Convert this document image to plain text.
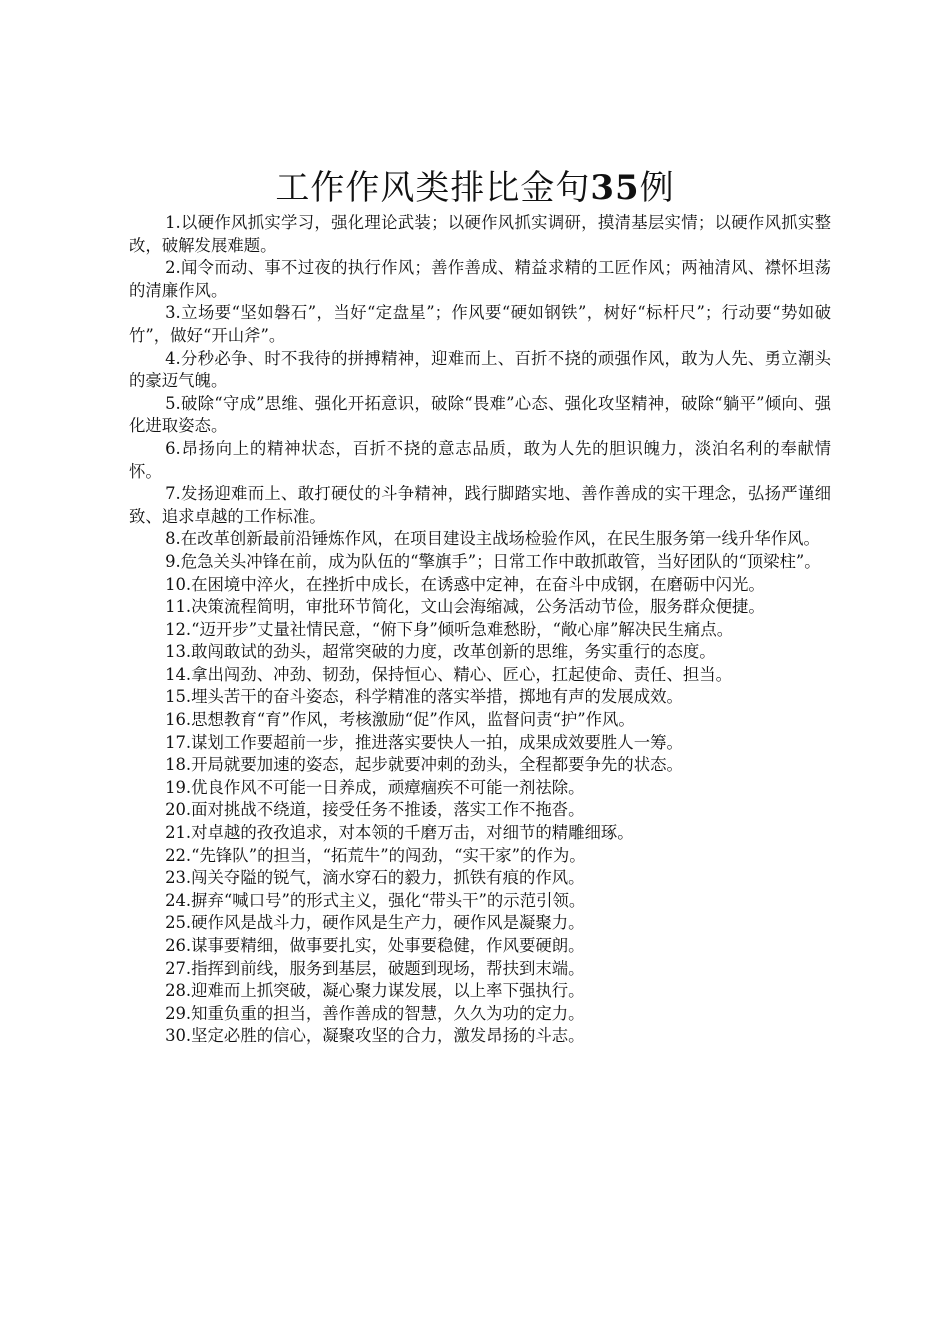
工作作风类排比金句35例

1.以硬作风抓实学习，强化理论武装；以硬作风抓实调研，摸清基层实情；以硬作风抓实整改，破解发展难题。

2.闻令而动、事不过夜的执行作风；善作善成、精益求精的工匠作风；两袖清风、襟怀坦荡的清廉作风。

3.立场要“坚如磐石”，当好“定盘星”；作风要“硬如钢铁”，树好“标杆尺”；行动要“势如破竹”，做好“开山斧”。

4.分秒必争、时不我待的拼搏精神，迎难而上、百折不挠的顽强作风，敢为人先、勇立潮头的豪迈气魄。

5.破除“守成”思维、强化开拓意识，破除“畏难”心态、强化攻坚精神，破除“躺平”倾向、强化进取姿态。

6.昂扬向上的精神状态，百折不挠的意志品质，敢为人先的胆识魄力，淡泊名利的奉献情怀。

7.发扬迎难而上、敢打硬仗的斗争精神，践行脚踏实地、善作善成的实干理念，弘扬严谨细致、追求卓越的工作标准。

8.在改革创新最前沿锤炼作风，在项目建设主战场检验作风，在民生服务第一线升华作风。

9.危急关头冲锋在前，成为队伍的“擎旗手”；日常工作中敢抓敢管，当好团队的“顶梁柱”。

10.在困境中淬火，在挫折中成长，在诱惑中定神，在奋斗中成钢，在磨砺中闪光。

11.决策流程简明，审批环节简化，文山会海缩减，公务活动节俭，服务群众便捷。

12.“迈开步”丈量社情民意，“俯下身”倾听急难愁盼，“敞心扉”解决民生痛点。

13.敢闯敢试的劲头，超常突破的力度，改革创新的思维，务实重行的态度。

14.拿出闯劲、冲劲、韧劲，保持恒心、精心、匠心，扛起使命、责任、担当。

15.埋头苦干的奋斗姿态，科学精准的落实举措，掷地有声的发展成效。

16.思想教育“育”作风，考核激励“促”作风，监督问责“护”作风。

17.谋划工作要超前一步，推进落实要快人一拍，成果成效要胜人一筹。

18.开局就要加速的姿态，起步就要冲刺的劲头，全程都要争先的状态。

19.优良作风不可能一日养成，顽瘴痼疾不可能一剂祛除。

20.面对挑战不绕道，接受任务不推诿，落实工作不拖沓。

21.对卓越的孜孜追求，对本领的千磨万击，对细节的精雕细琢。

22.“先锋队”的担当，“拓荒牛”的闯劲，“实干家”的作为。

23.闯关夺隘的锐气，滴水穿石的毅力，抓铁有痕的作风。

24.摒弃“喊口号”的形式主义，强化“带头干”的示范引领。

25.硬作风是战斗力，硬作风是生产力，硬作风是凝聚力。

26.谋事要精细，做事要扎实，处事要稳健，作风要硬朗。

27.指挥到前线，服务到基层，破题到现场，帮扶到末端。

28.迎难而上抓突破，凝心聚力谋发展，以上率下强执行。

29.知重负重的担当，善作善成的智慧，久久为功的定力。

30.坚定必胜的信心，凝聚攻坚的合力，激发昂扬的斗志。
